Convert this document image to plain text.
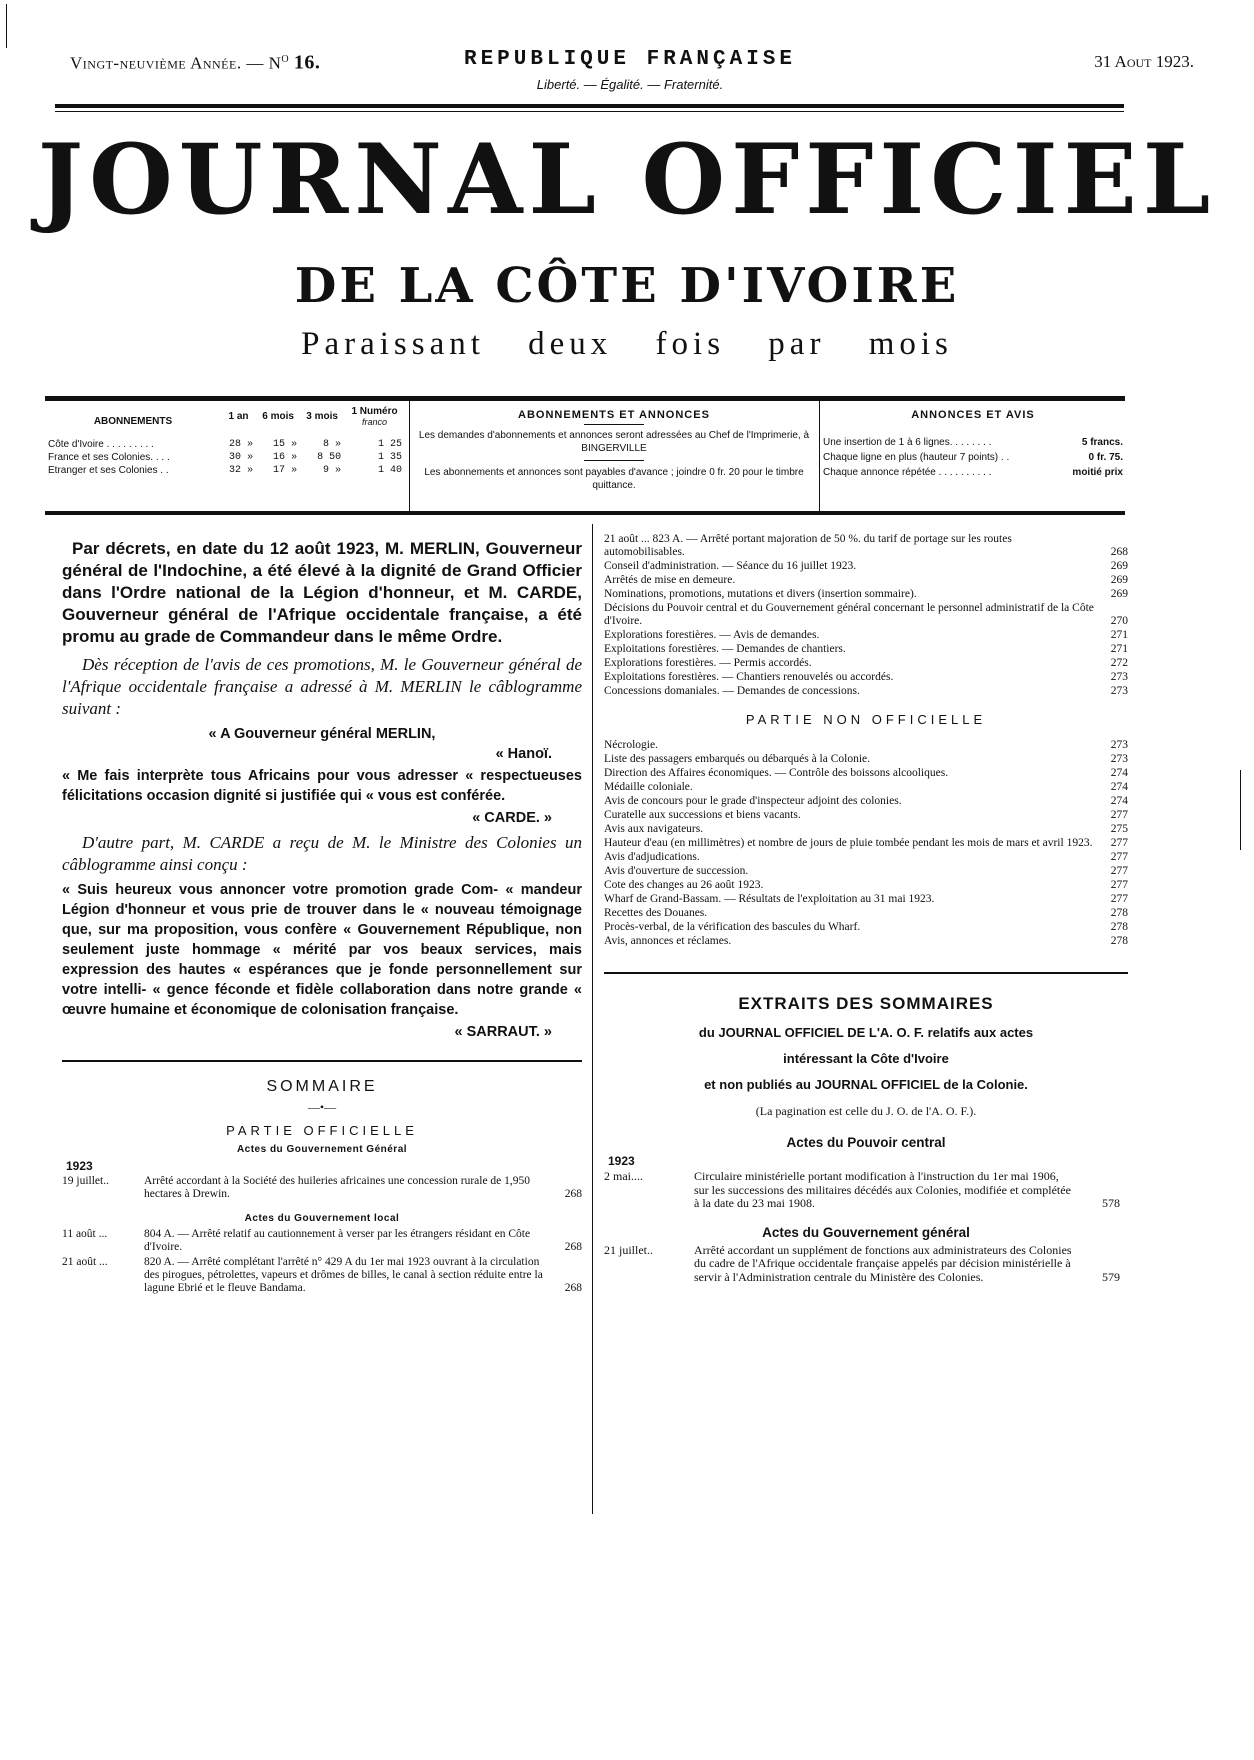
Vingt-neuvième Année. — $N^o$ 16.	REPUBLIQUE FRANÇAISE
Liberté. — Égalité. — Fraternité.
31 Aout 1923.
JOURNAL OFFICIEL
DE LA CÔTE D'IVOIRE
Paraissant deux fois par mois
ABONNEMENTS	1 an	6 mois	3 mois	1 Numéro
franco

Côte d'Ivoire . . . . . . . . .	28 »	15 »	8 »	1 25
France et ses Colonies. . . .	30 »	16 »	8 50	1 35
Etranger et ses Colonies . .	32 »	17 »	9 »	1 40
ABONNEMENTS ET ANNONCES
Les demandes d'abonnements et annonces seront adressées au Chef de l'Imprimerie, à BINGERVILLE
Les abonnements et annonces sont payables d'avance ; joindre 0 fr. 20 pour le timbre quittance.
ANNONCES ET AVIS
Une insertion de 1 à 6 lignes. . . . . . . .	5 francs.
Chaque ligne en plus (hauteur 7 points) . .	0 fr. 75.
Chaque annonce répétée . . . . . . . . . .	moitié prix

Par décrets, en date du 12 août 1923, M. MERLIN, Gouverneur général de l'Indochine, a été élevé à la dignité de Grand Officier dans l'Ordre national de la Légion d'honneur, et M. CARDE, Gouverneur général de l'Afrique occidentale française, a été promu au grade de Commandeur dans le même Ordre.

Dès réception de l'avis de ces promotions, M. le Gouverneur général de l'Afrique occidentale française a adressé à M. MERLIN le câblogramme suivant :

« A Gouverneur général MERLIN,
« Hanoï.

« Me fais interprète tous Africains pour vous adresser « respectueuses félicitations occasion dignité si justifiée qui « vous est conférée.

« CARDE. »

D'autre part, M. CARDE a reçu de M. le Ministre des Colonies un câblogramme ainsi conçu :

« Suis heureux vous annoncer votre promotion grade Com- « mandeur Légion d'honneur et vous prie de trouver dans le « nouveau témoignage que, sur ma proposition, vous confère « Gouvernement République, non seulement juste hommage « mérité par vos beaux services, mais expression des hautes « espérances que je fonde personnellement sur votre intelli- « gence féconde et fidèle collaboration dans notre grande « œuvre humaine et économique de colonisation française.

« SARRAUT. »
SOMMAIRE
—•—
PARTIE OFFICIELLE
Actes du Gouvernement Général
1923
19 juillet..	Arrêté accordant à la Société des huileries africaines une concession rurale de 1,950 hectares à Drewin.	268
Actes du Gouvernement local
11 août ...	804 A. — Arrêté relatif au cautionnement à verser par les étrangers résidant en Côte d'Ivoire.	268
21 août ...	820 A. — Arrêté complétant l'arrêté n° 429 A du 1er mai 1923 ouvrant à la circulation des pirogues, pétrolettes, vapeurs et drômes de billes, le canal à section réduite entre la lagune Ebrié et le fleuve Bandama.	268
21 août ... 823 A. — Arrêté portant majoration de 50 %. du tarif de portage sur les routes automobilisables.	268
Conseil d'administration. — Séance du 16 juillet 1923.	269
Arrêtés de mise en demeure.	269
Nominations, promotions, mutations et divers (insertion sommaire).	269
Décisions du Pouvoir central et du Gouvernement général concernant le personnel administratif de la Côte d'Ivoire.	270
Explorations forestières. — Avis de demandes.	271
Exploitations forestières. — Demandes de chantiers.	271
Explorations forestières. — Permis accordés.	272
Exploitations forestières. — Chantiers renouvelés ou accordés.	273
Concessions domaniales. — Demandes de concessions.	273
PARTIE NON OFFICIELLE
Nécrologie.	273
Liste des passagers embarqués ou débarqués à la Colonie.	273
Direction des Affaires économiques. — Contrôle des boissons alcooliques.	274
Médaille coloniale.	274
Avis de concours pour le grade d'inspecteur adjoint des colonies.	274
Curatelle aux successions et biens vacants.	277
Avis aux navigateurs.	275
Hauteur d'eau (en millimètres) et nombre de jours de pluie tombée pendant les mois de mars et avril 1923. 277
Avis d'adjudications.	277
Avis d'ouverture de succession.	277
Cote des changes au 26 août 1923.	277
Wharf de Grand-Bassam. — Résultats de l'exploitation au 31 mai 1923.	277
Recettes des Douanes.	278
Procès-verbal, de la vérification des bascules du Wharf.	278
Avis, annonces et réclames.	278
EXTRAITS DES SOMMAIRES
du JOURNAL OFFICIEL DE L'A. O. F. relatifs aux actes
intéressant la Côte d'Ivoire
et non publiés au JOURNAL OFFICIEL de la Colonie.
(La pagination est celle du J. O. de l'A. O. F.).
Actes du Pouvoir central
1923
2 mai....	Circulaire ministérielle portant modification à l'instruction du 1er mai 1906, sur les successions des militaires décédés aux Colonies, modifiée et complétée à la date du 23 mai 1908.	578
Actes du Gouvernement général
21 juillet..	Arrêté accordant un supplément de fonctions aux administrateurs des Colonies du cadre de l'Afrique occidentale française appelés par décision ministérielle à servir à l'Administration centrale du Ministère des Colonies.	579
